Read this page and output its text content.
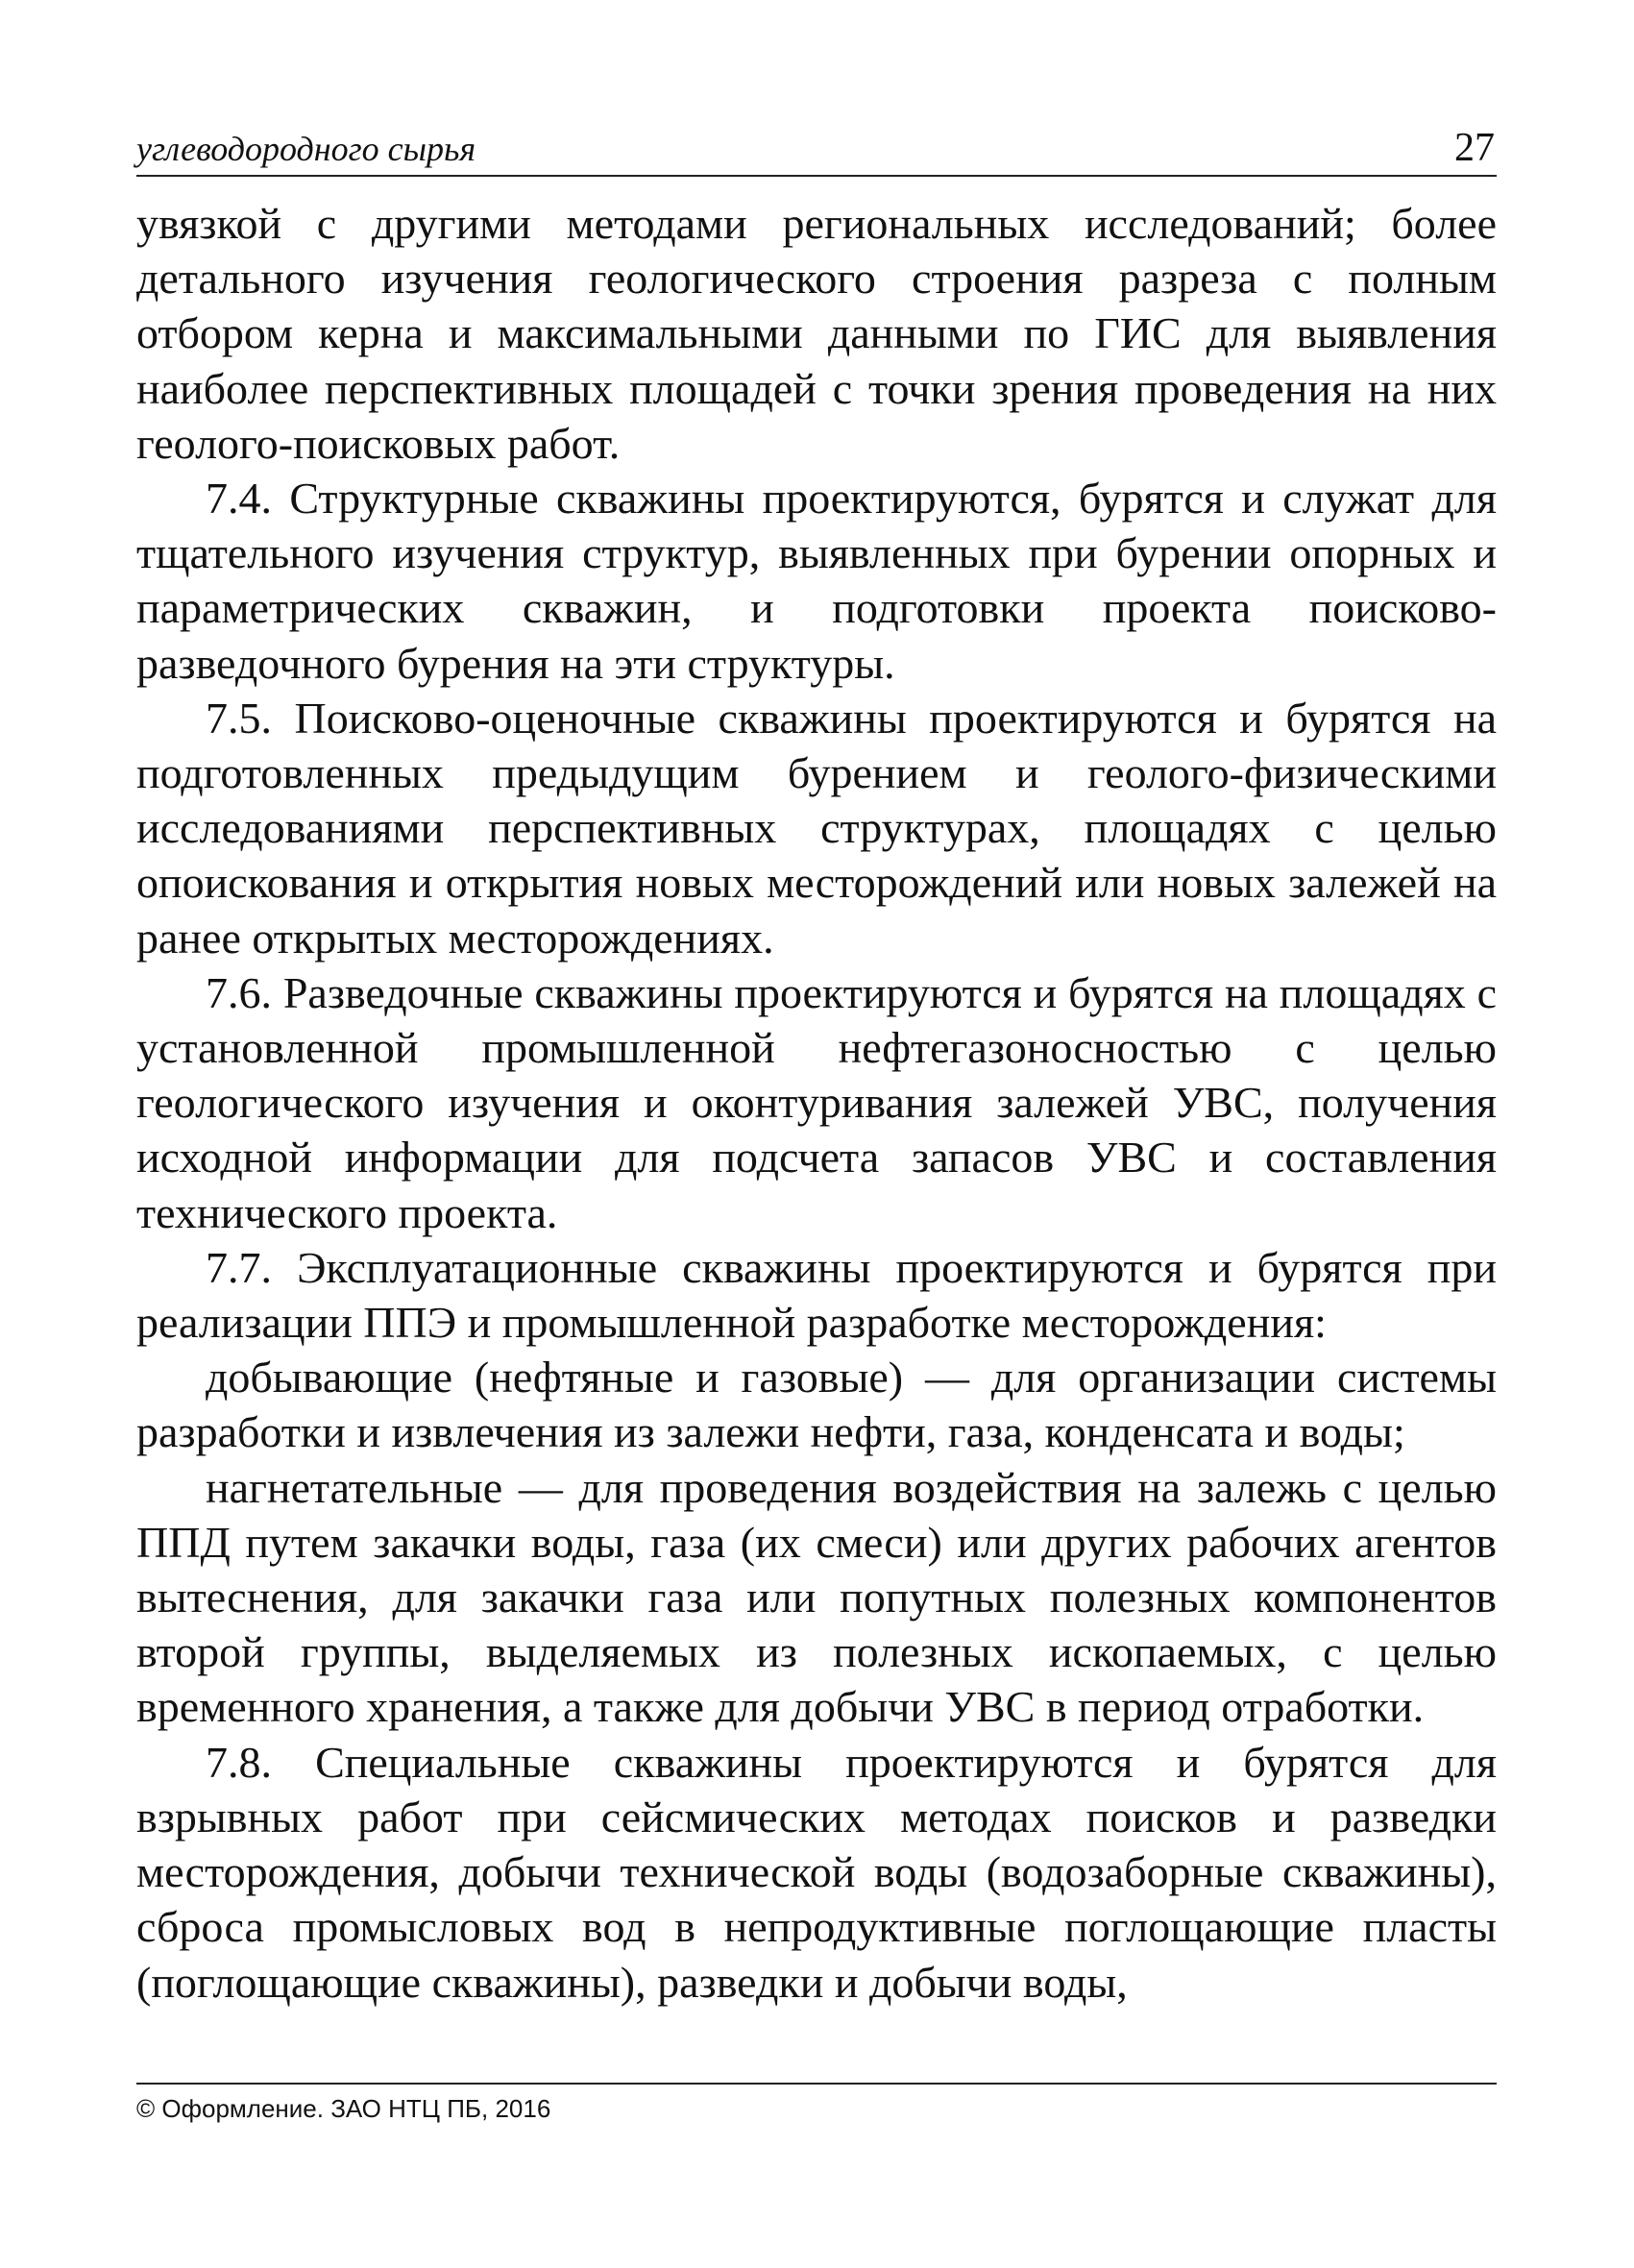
углеводородного сырья	27

увязкой с другими методами региональных исследований; более детального изучения геологического строения разреза с полным отбором керна и максимальными данными по ГИС для выявления наиболее перспективных площадей с точки зрения проведения на них геолого-поисковых работ.

7.4. Структурные скважины проектируются, бурятся и служат для тщательного изучения структур, выявленных при бурении опорных и параметрических скважин, и подготовки проекта поисково-разведочного бурения на эти структуры.

7.5. Поисково-оценочные скважины проектируются и бурятся на подготовленных предыдущим бурением и геолого-физическими исследованиями перспективных структурах, площадях с целью опоискования и открытия новых месторождений или новых залежей на ранее открытых месторождениях.

7.6. Разведочные скважины проектируются и бурятся на площадях с установленной промышленной нефтегазоносностью с целью геологического изучения и оконтуривания залежей УВС, получения исходной информации для подсчета запасов УВС и составления технического проекта.

7.7. Эксплуатационные скважины проектируются и бурятся при реализации ППЭ и промышленной разработке месторождения:

добывающие (нефтяные и газовые) — для организации системы разработки и извлечения из залежи нефти, газа, конденсата и воды;

нагнетательные — для проведения воздействия на залежь с целью ППД путем закачки воды, газа (их смеси) или других рабочих агентов вытеснения, для закачки газа или попутных полезных компонентов второй группы, выделяемых из полезных ископаемых, с целью временного хранения, а также для добычи УВС в период отработки.

7.8. Специальные скважины проектируются и бурятся для взрывных работ при сейсмических методах поисков и разведки месторождения, добычи технической воды (водозаборные скважины), сброса промысловых вод в непродуктивные поглощающие пласты (поглощающие скважины), разведки и добычи воды,

© Оформление. ЗАО НТЦ ПБ, 2016
